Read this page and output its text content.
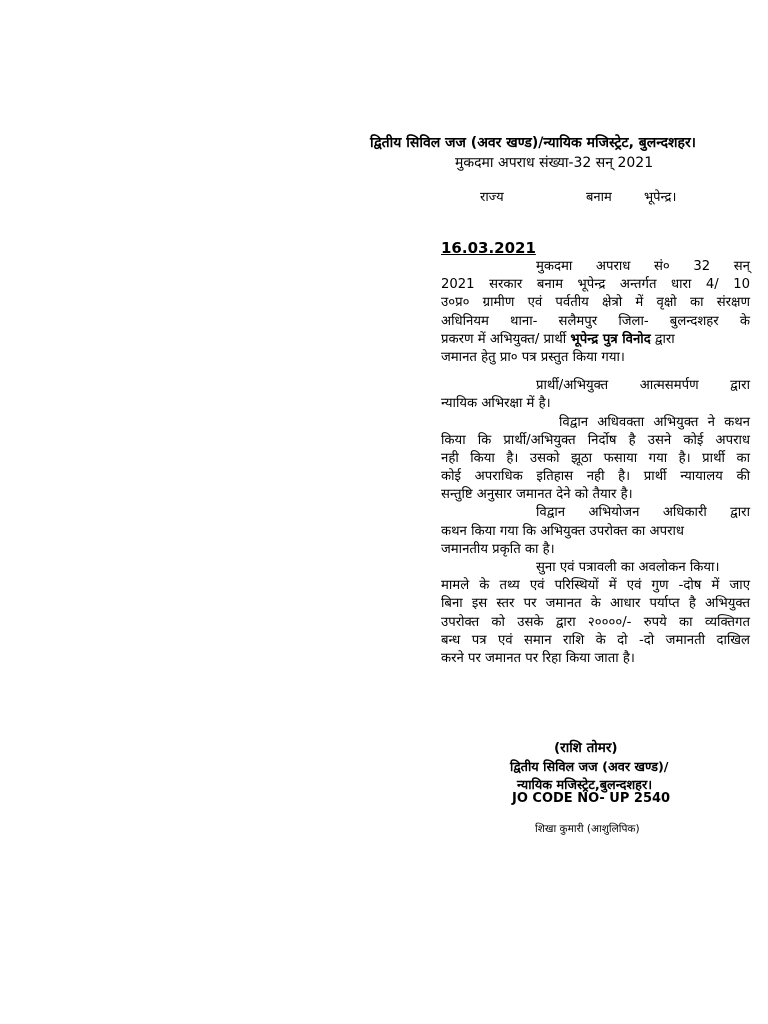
द्वितीय सिविल जज (अवर खण्ड)/न्यायिक मजिस्ट्रेट, बुलन्दशहर।
मुकदमा अपराध संख्या-32 सन् 2021
राज्य	बनाम भूपेन्द्र।
16.03.2021
मुकदमा अपराध सं० 32 सन्
2021 सरकार बनाम भूपेन्द्र अन्तर्गत धारा 4/ 10
उ०प्र० ग्रामीण एवं पर्वतीय क्षेत्रो में वृक्षो का संरक्षण
अधिनियम थाना- सलैमपुर जिला- बुलन्दशहर के
प्रकरण में अभियुक्त/ प्रार्थी भूपेन्द्र पुत्र विनोद द्वारा
जमानत हेतु प्रा० पत्र प्रस्तुत किया गया।
प्रार्थी/अभियुक्त आत्मसमर्पण द्वारा
न्यायिक अभिरक्षा में है।
विद्वान अधिवक्ता अभियुक्त ने कथन
किया कि प्रार्थी/अभियुक्त निर्दोष है उसने कोई अपराध
नही किया है। उसको झूठा फसाया गया है। प्रार्थी का
कोई अपराधिक इतिहास नही है। प्रार्थी न्यायालय की
सन्तुष्टि अनुसार जमानत देने को तैयार है।
विद्वान अभियोजन अधिकारी द्वारा
कथन किया गया कि अभियुक्त उपरोक्त का अपराध
जमानतीय प्रकृति का है।
सुना एवं पत्रावली का अवलोकन किया।
मामले के तथ्य एवं परिस्थियों में एवं गुण -दोष में जाए
बिना इस स्तर पर जमानत के आधार पर्याप्त है अभियुक्त
उपरोक्त को उसके द्वारा २००००/- रुपये का व्यक्तिगत
बन्ध पत्र एवं समान राशि के दो -दो जमानती दाखिल
करने पर जमानत पर रिहा किया जाता है।
(राशि तोमर)
द्वितीय सिविल जज (अवर खण्ड)/
न्यायिक मजिस्ट्रेट,बुलन्दशहर।
JO CODE NO- UP 2540
शिखा कुमारी (आशुलिपिक)
